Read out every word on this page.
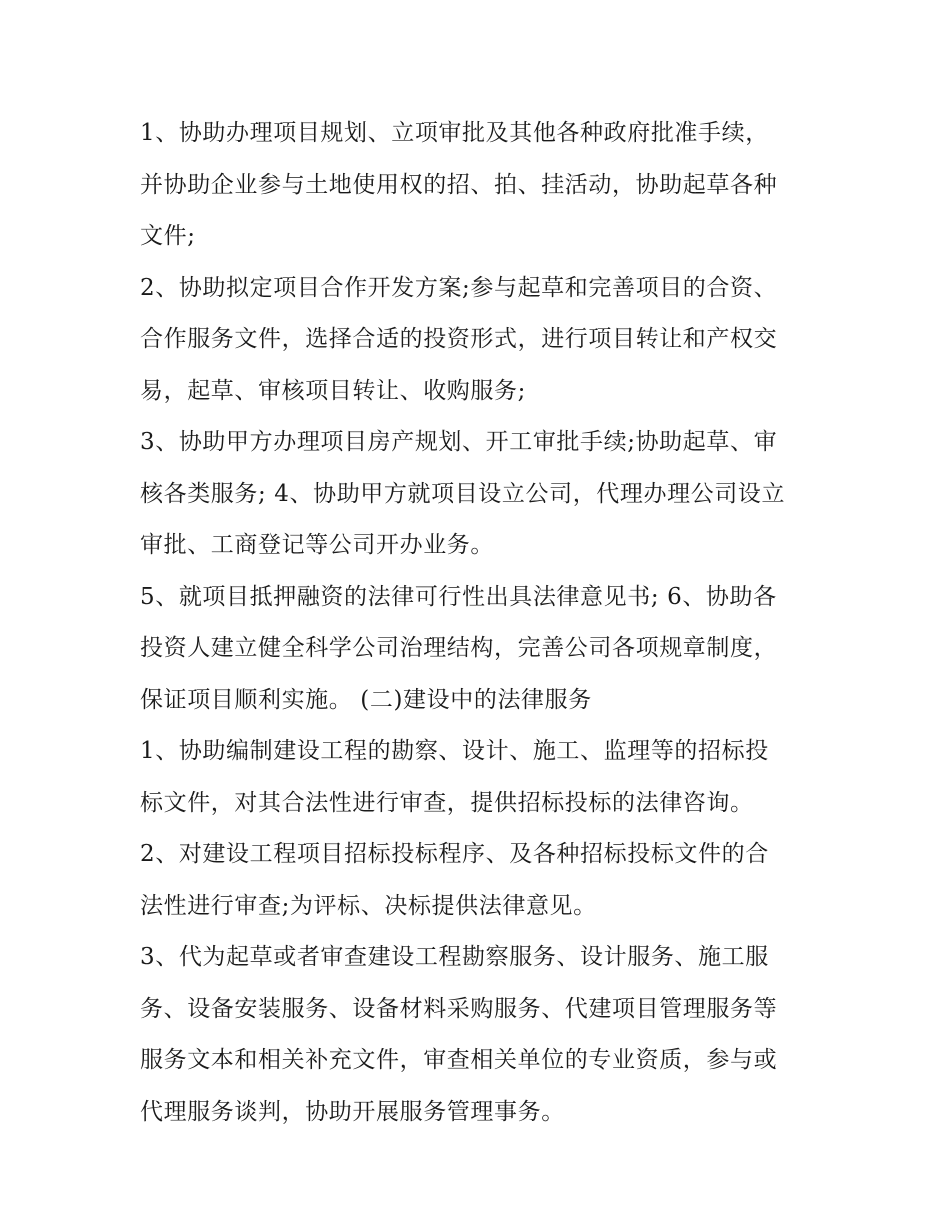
1、协助办理项目规划、立项审批及其他各种政府批准手续，
并协助企业参与土地使用权的招、拍、挂活动，协助起草各种
文件;
2、协助拟定项目合作开发方案;参与起草和完善项目的合资、
合作服务文件，选择合适的投资形式，进行项目转让和产权交
易，起草、审核项目转让、收购服务;
3、协助甲方办理项目房产规划、开工审批手续;协助起草、审
核各类服务; 4、协助甲方就项目设立公司，代理办理公司设立
审批、工商登记等公司开办业务。
5、就项目抵押融资的法律可行性出具法律意见书; 6、协助各
投资人建立健全科学公司治理结构，完善公司各项规章制度，
保证项目顺利实施。 (二)建设中的法律服务
1、协助编制建设工程的勘察、设计、施工、监理等的招标投
标文件，对其合法性进行审查，提供招标投标的法律咨询。
2、对建设工程项目招标投标程序、及各种招标投标文件的合
法性进行审查;为评标、决标提供法律意见。
3、代为起草或者审查建设工程勘察服务、设计服务、施工服
务、设备安装服务、设备材料采购服务、代建项目管理服务等
服务文本和相关补充文件，审查相关单位的专业资质，参与或
代理服务谈判，协助开展服务管理事务。
